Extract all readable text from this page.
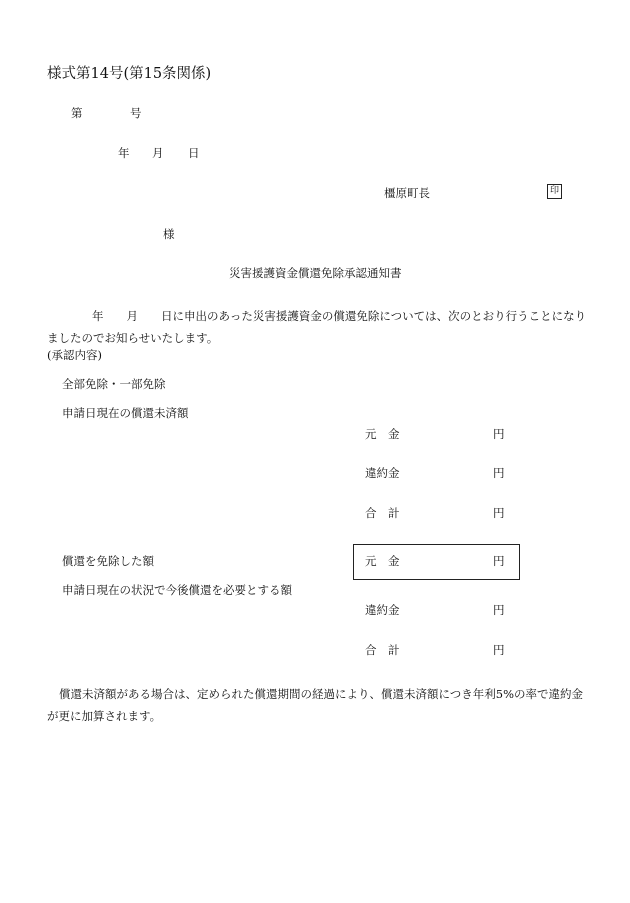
様式第14号(第15条関係)
第	号
年 月 日
橿原町長	印
様
災害援護資金償還免除承認通知書
　　年　　月　　日に申出のあった災害援護資金の償還免除については、次のとおり行うことになりましたのでお知らせいたします。
(承認内容)
全部免除・一部免除
申請日現在の償還未済額
元　金	円
違約金	円
合　計	円
償還を免除した額	元　金	円
申請日現在の状況で今後償還を必要とする額
違約金	円
合　計	円
償還未済額がある場合は、定められた償還期間の経過により、償還未済額につき年利5%の率で違約金が更に加算されます。
